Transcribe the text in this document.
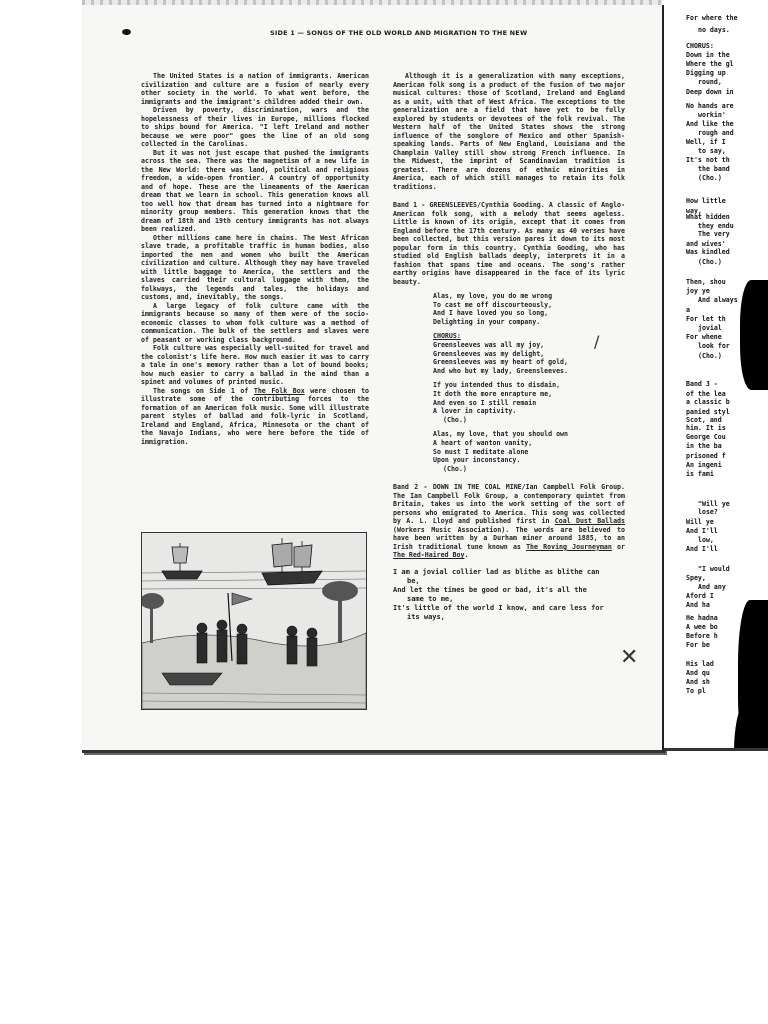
SIDE 1 — SONGS OF THE OLD WORLD AND MIGRATION TO THE NEW

The United States is a nation of immigrants. American civilization and culture are a fusion of nearly every other society in the world. To what went before, the immigrants and the immigrant's children added their own.

Driven by poverty, discrimination, wars and the hopelessness of their lives in Europe, millions flocked to ships bound for America. "I left Ireland and mother because we were poor" goes the line of an old song collected in the Carolinas.

But it was not just escape that pushed the immigrants across the sea. There was the magnetism of a new life in the New World: there was land, political and religious freedom, a wide-open frontier. A country of opportunity and of hope. These are the lineaments of the American dream that we learn in school. This generation knows all too well how that dream has turned into a nightmare for minority group members. This generation knows that the dream of 18th and 19th century immigrants has not always been realized.

Other millions came here in chains. The West African slave trade, a profitable traffic in human bodies, also imported the men and women who built the American civilization and culture. Although they may have traveled with little baggage to America, the settlers and the slaves carried their cultural luggage with them, the folkways, the legends and tales, the holidays and customs, and, inevitably, the songs.

A large legacy of folk culture came with the immigrants because so many of them were of the socio-economic classes to whom folk culture was a method of communication. The bulk of the settlers and slaves were of peasant or working class background.

Folk culture was especially well-suited for travel and the colonist's life here. How much easier it was to carry a tale in one's memory rather than a lot of bound books; how much easier to carry a ballad in the mind than a spinet and volumes of printed music.

The songs on Side 1 of The Folk Box were chosen to illustrate some of the contributing forces to the formation of an American folk music. Some will illustrate parent styles of ballad and folk-lyric in Scotland, Ireland and England, Africa, Minnesota or the chant of the Navajo Indians, who were here before the tide of immigration.

Although it is a generalization with many exceptions, American folk song is a product of the fusion of two major musical cultures: those of Scotland, Ireland and England as a unit, with that of West Africa. The exceptions to the generalization are a field that have yet to be fully explored by students or devotees of the folk revival. The Western half of the United States shows the strong influence of the songlore of Mexico and other Spanish-speaking lands. Parts of New England, Louisiana and the Champlain Valley still show strong French influence. In the Midwest, the imprint of Scandinavian tradition is greatest. There are dozens of ethnic minorities in America, each of which still manages to retain its folk traditions.

Band 1 - GREENSLEEVES/Cynthia Gooding. A classic of Anglo-American folk song, with a melody that seems ageless. Little is known of its origin, except that it comes from England before the 17th century. As many as 40 verses have been collected, but this version pares it down to its most popular form in this country. Cynthia Gooding, who has studied old English ballads deeply, interprets it in a fashion that spans time and oceans. The song's rather earthy origins have disappeared in the face of its lyric beauty.

Alas, my love, you do me wrong
To cast me off discourteously,
And I have loved you so long,
Delighting in your company.
CHORUS:
Greensleeves was all my joy,
Greensleeves was my delight,
Greensleeves was my heart of gold,
And who but my lady, Greensleeves.
If you intended thus to disdain,
It doth the more enrapture me,
And even so I still remain
A lover in captivity.
(Cho.)
Alas, my love, that you should own
A heart of wanton vanity,
So must I meditate alone
Upon your inconstancy.
(Cho.)

Band 2 - DOWN IN THE COAL MINE/Ian Campbell Folk Group. The Ian Campbell Folk Group, a contemporary quintet from Britain, takes us into the work setting of the sort of persons who emigrated to America. This song was collected by A. L. Lloyd and published first in Coal Dust Ballads (Workers Music Association). The words are believed to have been written by a Durham miner around 1885, to an Irish traditional tune known as The Roving Journeyman or The Red-Haired Boy.

I am a jovial collier lad as blithe as blithe can
be,
And let the times be good or bad, it's all the
same to me,
It's little of the world I know, and care less for
its ways,
/
✕
For where the
no days.
CHORUS:
Down in the
Where the gl
Digging up
round,
Deep down in
No hands are
workin'
And like the
rough and
Well, if I
to say,
It's not th
the band
(Cho.)
How little
way,
What hidden
they endu
The very
and wives'
Was kindled
(Cho.)
Then, shou
joy ye
And always
a
For let th
jovial
For whene
look for
(Cho.)
Band 3 -
of the lea
a classic b
panied styl
Scot, and
him. It is
George Cou
in the ba
prisoned f
An ingeni
is fami
"Will ye
lose?
Will ye
And I'll
low,
And I'll
"I would
Spey,
And any
Aford I
And ha
He hadna
A wee bo
Before h
For be
His lad
And qu
And sh
To pl
